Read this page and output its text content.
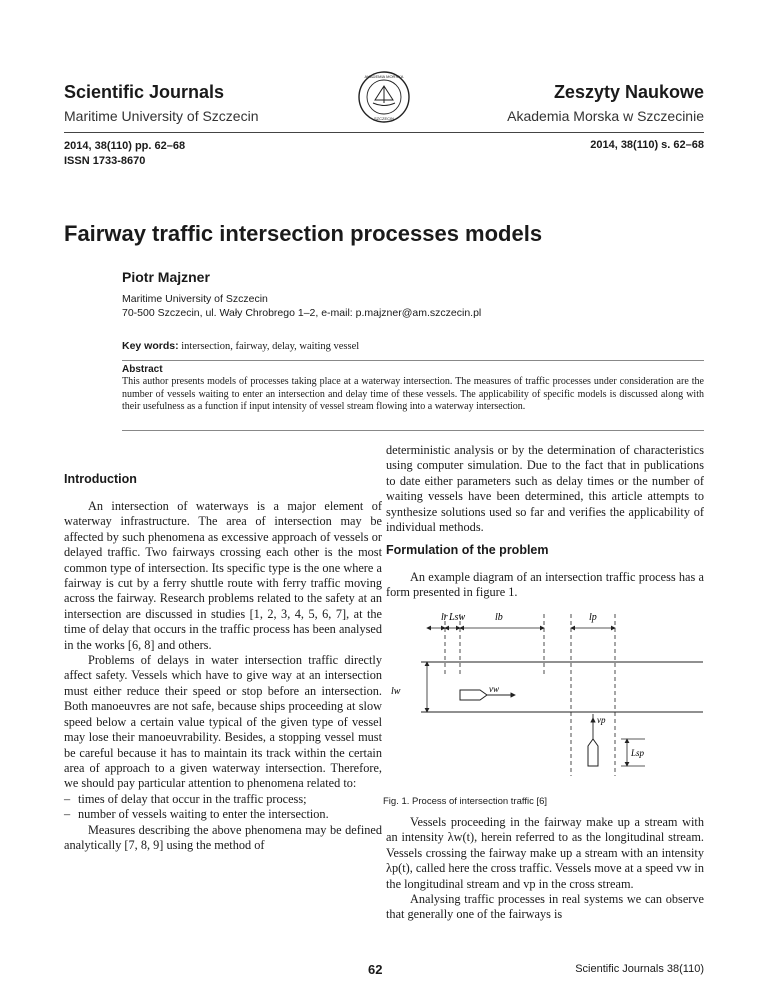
Scientific Journals
Maritime University of Szczecin
Zeszyty Naukowe
Akademia Morska w Szczecinie
AKADEMIA MORSKA
SZCZECIN
2014, 38(110) pp. 62–68
ISSN 1733-8670
2014, 38(110) s. 62–68
Fairway traffic intersection processes models
Piotr Majzner
Maritime University of Szczecin
70-500 Szczecin, ul. Wały Chrobrego 1–2, e-mail: p.majzner@am.szczecin.pl
Key words: intersection, fairway, delay, waiting vessel
Abstract
This author presents models of processes taking place at a waterway intersection. The measures of traffic processes under consideration are the number of vessels waiting to enter an intersection and delay time of these vessels. The applicability of specific models is discussed along with their usefulness as a function if input intensity of vessel stream flowing into a waterway intersection.
Introduction

An intersection of waterways is a major element of waterway infrastructure. The area of intersection may be affected by such phenomena as excessive approach of vessels or delayed traffic. Two fairways crossing each other is the most common type of intersection. Its specific type is the one where a fairway is cut by a ferry shuttle route with ferry traffic moving across the fairway. Research problems related to the safety at an intersection are discussed in studies [1, 2, 3, 4, 5, 6, 7], at the time of delay that occurs in the traffic process has been analysed in the works [6, 8] and others.

Problems of delays in water intersection traffic directly affect safety. Vessels which have to give way at an intersection must either reduce their speed or stop before an intersection. Both manoeuvres are not safe, because ships proceeding at slow speed below a certain value typical of the given type of vessel may lose their manoeuvrability. Besides, a stopping vessel must be careful because it has to maintain its track within the certain area of approach to a given waterway intersection. Therefore, we should pay particular attention to phenomena related to:

– times of delay that occur in the traffic process;
– number of vessels waiting to enter the intersection.

Measures describing the above phenomena may be defined analytically [7, 8, 9] using the method of

deterministic analysis or by the determination of characteristics using computer simulation. Due to the fact that in publications to date either parameters such as delay times or the number of waiting vessels have been determined, this article attempts to synthesize solutions used so far and verifies the applicability of individual methods.

Formulation of the problem

An example diagram of an intersection traffic process has a form presented in figure 1.

lr Lsw	lb	lp
lw	vw
vp
Lsp
Fig. 1. Process of intersection traffic [6]

Vessels proceeding in the fairway make up a stream with an intensity λw(t), herein referred to as the longitudinal stream. Vessels crossing the fairway make up a stream with an intensity λp(t), called here the cross traffic. Vessels move at a speed vw in the longitudinal stream and vp in the cross stream.

Analysing traffic processes in real systems we can observe that generally one of the fairways is

62	Scientific Journals 38(110)
